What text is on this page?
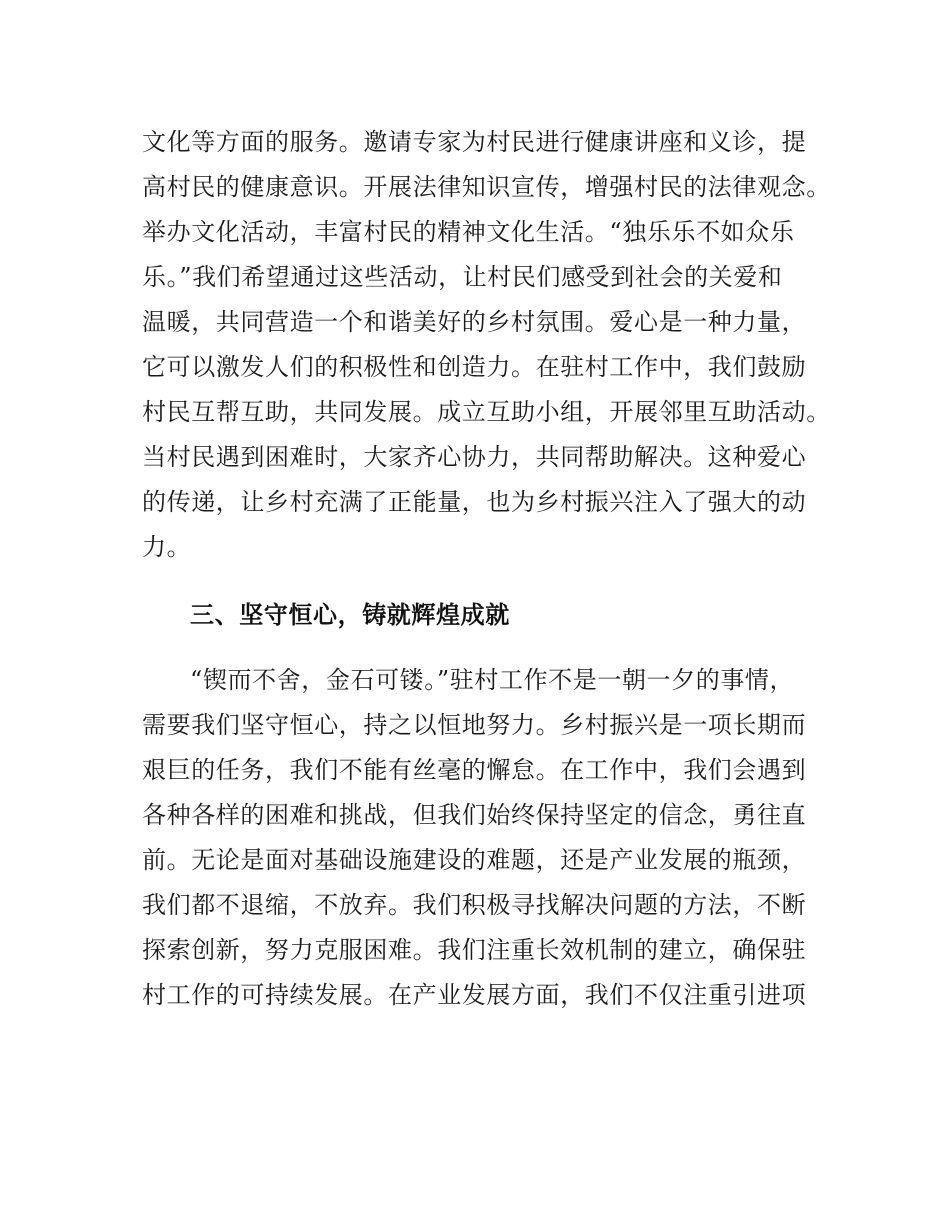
文化等方面的服务。邀请专家为村民进行健康讲座和义诊，提
高村民的健康意识。开展法律知识宣传，增强村民的法律观念。
举办文化活动，丰富村民的精神文化生活。“独乐乐不如众乐
乐。”我们希望通过这些活动，让村民们感受到社会的关爱和
温暖，共同营造一个和谐美好的乡村氛围。爱心是一种力量，
它可以激发人们的积极性和创造力。在驻村工作中，我们鼓励
村民互帮互助，共同发展。成立互助小组，开展邻里互助活动。
当村民遇到困难时，大家齐心协力，共同帮助解决。这种爱心
的传递，让乡村充满了正能量，也为乡村振兴注入了强大的动
力。
三、坚守恒心，铸就辉煌成就
“锲而不舍，金石可镂。”驻村工作不是一朝一夕的事情，
需要我们坚守恒心，持之以恒地努力。乡村振兴是一项长期而
艰巨的任务，我们不能有丝毫的懈怠。在工作中，我们会遇到
各种各样的困难和挑战，但我们始终保持坚定的信念，勇往直
前。无论是面对基础设施建设的难题，还是产业发展的瓶颈，
我们都不退缩，不放弃。我们积极寻找解决问题的方法，不断
探索创新，努力克服困难。我们注重长效机制的建立，确保驻
村工作的可持续发展。在产业发展方面，我们不仅注重引进项
